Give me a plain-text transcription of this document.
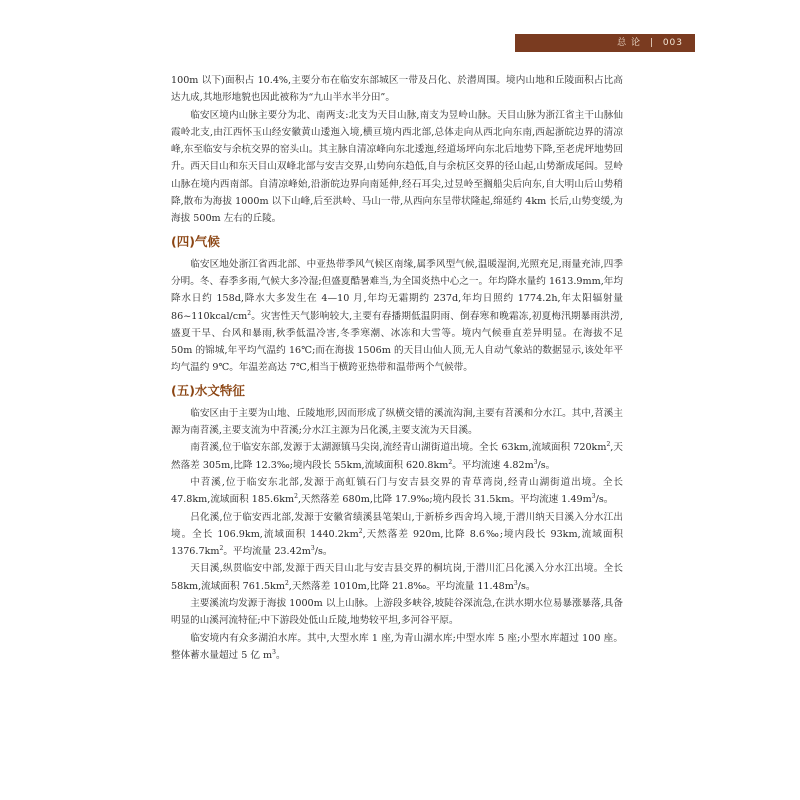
总 论 | 003

100m 以下)面积占 10.4%,主要分布在临安东部城区一带及吕化、於潜周围。境内山地和丘陵面积占比高达九成,其地形地貌也因此被称为“九山半水半分田”。

临安区境内山脉主要分为北、南两支:北支为天目山脉,南支为昱岭山脉。天目山脉为浙江省主干山脉仙霞岭北支,由江西怀玉山经安徽黄山逶迤入境,横亘境内西北部,总体走向从西北向东南,西起浙皖边界的清凉峰,东至临安与余杭交界的窑头山。其主脉自清凉峰向东北逶迤,经道场坪向东北后地势下降,至老虎坪地势回升。西天目山和东天目山双峰北部与安吉交界,山势向东趋低,自与余杭区交界的径山起,山势渐成尾闾。昱岭山脉在境内西南部。自清凉峰始,沿浙皖边界向南延伸,经石耳尖,过昱岭至搁船尖后向东,自大明山后山势稍降,散布为海拔 1000m 以下山峰,后至洪岭、马山一带,从西向东呈带状隆起,绵延约 4km 长后,山势变缓,为海拔 500m 左右的丘陵。

(四)气候

临安区地处浙江省西北部、中亚热带季风气候区南缘,属季风型气候,温暖湿润,光照充足,雨量充沛,四季分明。冬、春季多雨,气候大多冷湿;但盛夏酷暑难当,为全国炎热中心之一。年均降水量约 1613.9mm,年均降水日约 158d,降水大多发生在 4—10 月,年均无霜期约 237d,年均日照约 1774.2h,年太阳辐射量 $86\sim 110kcal/cm^2$。灾害性天气影响较大,主要有春播期低温阴雨、倒春寒和晚霜冻,初夏梅汛期暴雨洪涝,盛夏干旱、台风和暴雨,秋季低温冷害,冬季寒潮、冰冻和大雪等。境内气候垂直差异明显。在海拔不足 50m 的锦城,年平均气温约 16℃;而在海拔 1506m 的天目山仙人顶,无人自动气象站的数据显示,该处年平均气温约 9℃。年温差高达 7℃,相当于横跨亚热带和温带两个气候带。

(五)水文特征

临安区由于主要为山地、丘陵地形,因而形成了纵横交错的溪流沟涧,主要有苕溪和分水江。其中,苕溪主源为南苕溪,主要支流为中苕溪;分水江主源为吕化溪,主要支流为天目溪。

南苕溪,位于临安东部,发源于太湖源镇马尖岗,流经青山湖街道出境。全长 63km,流域面积 $720km^2$,天然落差 305m,比降 12.3‰;境内段长 55km,流域面积 $620.8km^2$。平均流速 $4.82m^3/s$。

中苕溪,位于临安东北部,发源于高虹镇石门与安吉县交界的青草湾岗,经青山湖街道出境。全长 47.8km,流域面积 $185.6km^2$,天然落差 680m,比降 17.9‰;境内段长 31.5km。平均流速 $1.49m^3/s$。

吕化溪,位于临安西北部,发源于安徽省绩溪县笔架山,于新桥乡西舍坞入境,于潜川纳天目溪入分水江出境。全长 106.9km,流域面积 $1440.2km^2$,天然落差 920m,比降 8.6‰;境内段长 93km,流域面积 $1376.7km^2$。平均流量 $23.42m^3/s$。

天目溪,纵贯临安中部,发源于西天目山北与安吉县交界的桐坑岗,于潜川汇吕化溪入分水江出境。全长 58km,流域面积 $761.5km^2$,天然落差 1010m,比降 21.8‰。平均流量 $11.48m^3/s$。

主要溪流均发源于海拔 1000m 以上山脉。上游段多峡谷,坡陡谷深流急,在洪水期水位易暴涨暴落,具备明显的山溪河流特征;中下游段处低山丘陵,地势较平坦,多河谷平原。

临安境内有众多湖泊水库。其中,大型水库 1 座,为青山湖水库;中型水库 5 座;小型水库超过 100 座。整体蓄水量超过 5 亿 $m^3$。
